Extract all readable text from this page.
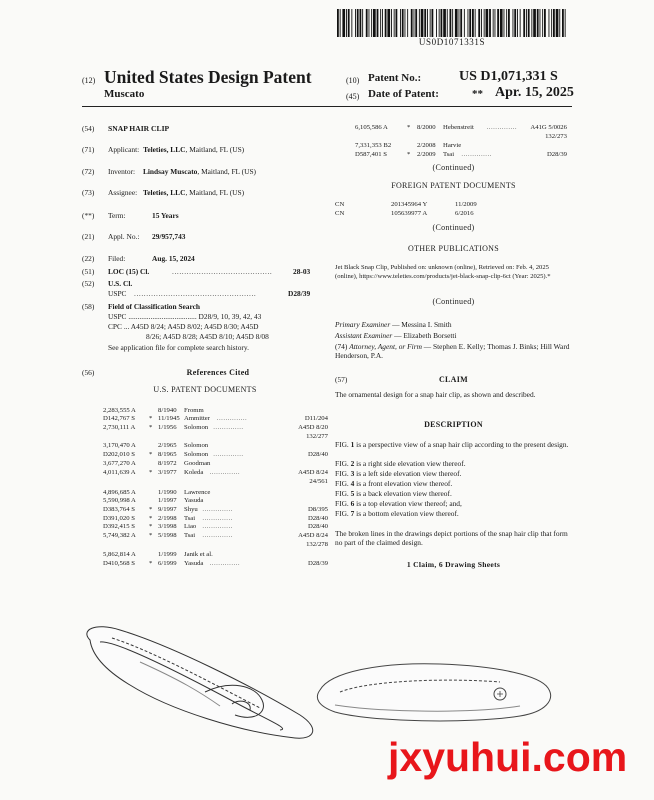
US0D1071331S
(12) United States Design Patent
Muscato
(10) Patent No.:	US D1,071,331 S
(45) Date of Patent:	** Apr. 15, 2025
(54) SNAP HAIR CLIP
(71) Applicant: Teleties, LLC, Maitland, FL (US)
(72) Inventor: Lindsay Muscato, Maitland, FL (US)
(73) Assignee: Teleties, LLC, Maitland, FL (US)
(**) Term:	15 Years
(21) Appl. No.: 29/957,743
(22) Filed:	Aug. 15, 2024
(51) LOC (15) Cl.	.........................................	28-03
(52) U.S. Cl.
USPC ..................................................	D28/39
(58) Field of Classification Search
USPC ..................................... D28/9, 10, 39, 42, 43
CPC ... A45D 8/24; A45D 8/02; A45D 8/30; A45D
8/26; A45D 8/28; A45D 8/10; A45D 8/08
See application file for complete search history.
(56)	References Cited
U.S. PATENT DOCUMENTS
2,283,555 A	8/1940 Fromm
D142,767 S * 11/1945 Ammitter ..............	D11/204
2,730,111 A * 1/1956 Solomon ..............	A45D 8/20
132/277
3,170,470 A	2/1965 Solomon
D202,010 S * 8/1965 Solomon ..............	D28/40
3,677,270 A	8/1972 Goodman
4,011,639 A * 3/1977 Koleda ..............	A45D 8/24
24/561
4,896,685 A	1/1990 Lawrence
5,590,998 A	1/1997 Yasuda
D383,764 S * 9/1997 Shyu ..............	D8/395
D391,020 S * 2/1998 Tsai ..............	D28/40
D392,415 S * 3/1998 Liao ..............	D28/40
5,749,382 A * 5/1998 Tsai ..............	A45D 8/24
132/278
5,862,814 A	1/1999 Janik et al.
D410,568 S * 6/1999 Yasuda ..............	D28/39
6,105,586 A	* 8/2000 Hebenstreit .............. A41G 5/0026
132/273
7,331,353 B2	2/2008 Harvie
D587,401 S	* 2/2009 Tsai ..............	D28/39
(Continued)
FOREIGN PATENT DOCUMENTS
CN	201345964 Y	11/2009
CN	105639977 A	6/2016
(Continued)
OTHER PUBLICATIONS
Jet Black Snap Clip, Published on: unknown (online), Retrieved on: Feb. 4, 2025 (online), https://www.teleties.com/products/jet-black-snap-clip-6ct (Year: 2025).*
(Continued)
Primary Examiner — Messina I. Smith
Assistant Examiner — Elizabeth Borsetti
(74) Attorney, Agent, or Firm — Stephen E. Kelly; Thomas J. Binks; Hill Ward Henderson, P.A.
(57)	CLAIM
The ornamental design for a snap hair clip, as shown and described.
DESCRIPTION
FIG. 1 is a perspective view of a snap hair clip according to the present design.
FIG. 2 is a right side elevation view thereof.
FIG. 3 is a left side elevation view thereof.
FIG. 4 is a front elevation view thereof.
FIG. 5 is a back elevation view thereof.
FIG. 6 is a top elevation view thereof; and,
FIG. 7 is a bottom elevation view thereof.
The broken lines in the drawings depict portions of the snap hair clip that form no part of the claimed design.
1 Claim, 6 Drawing Sheets
jxyuhui.com
